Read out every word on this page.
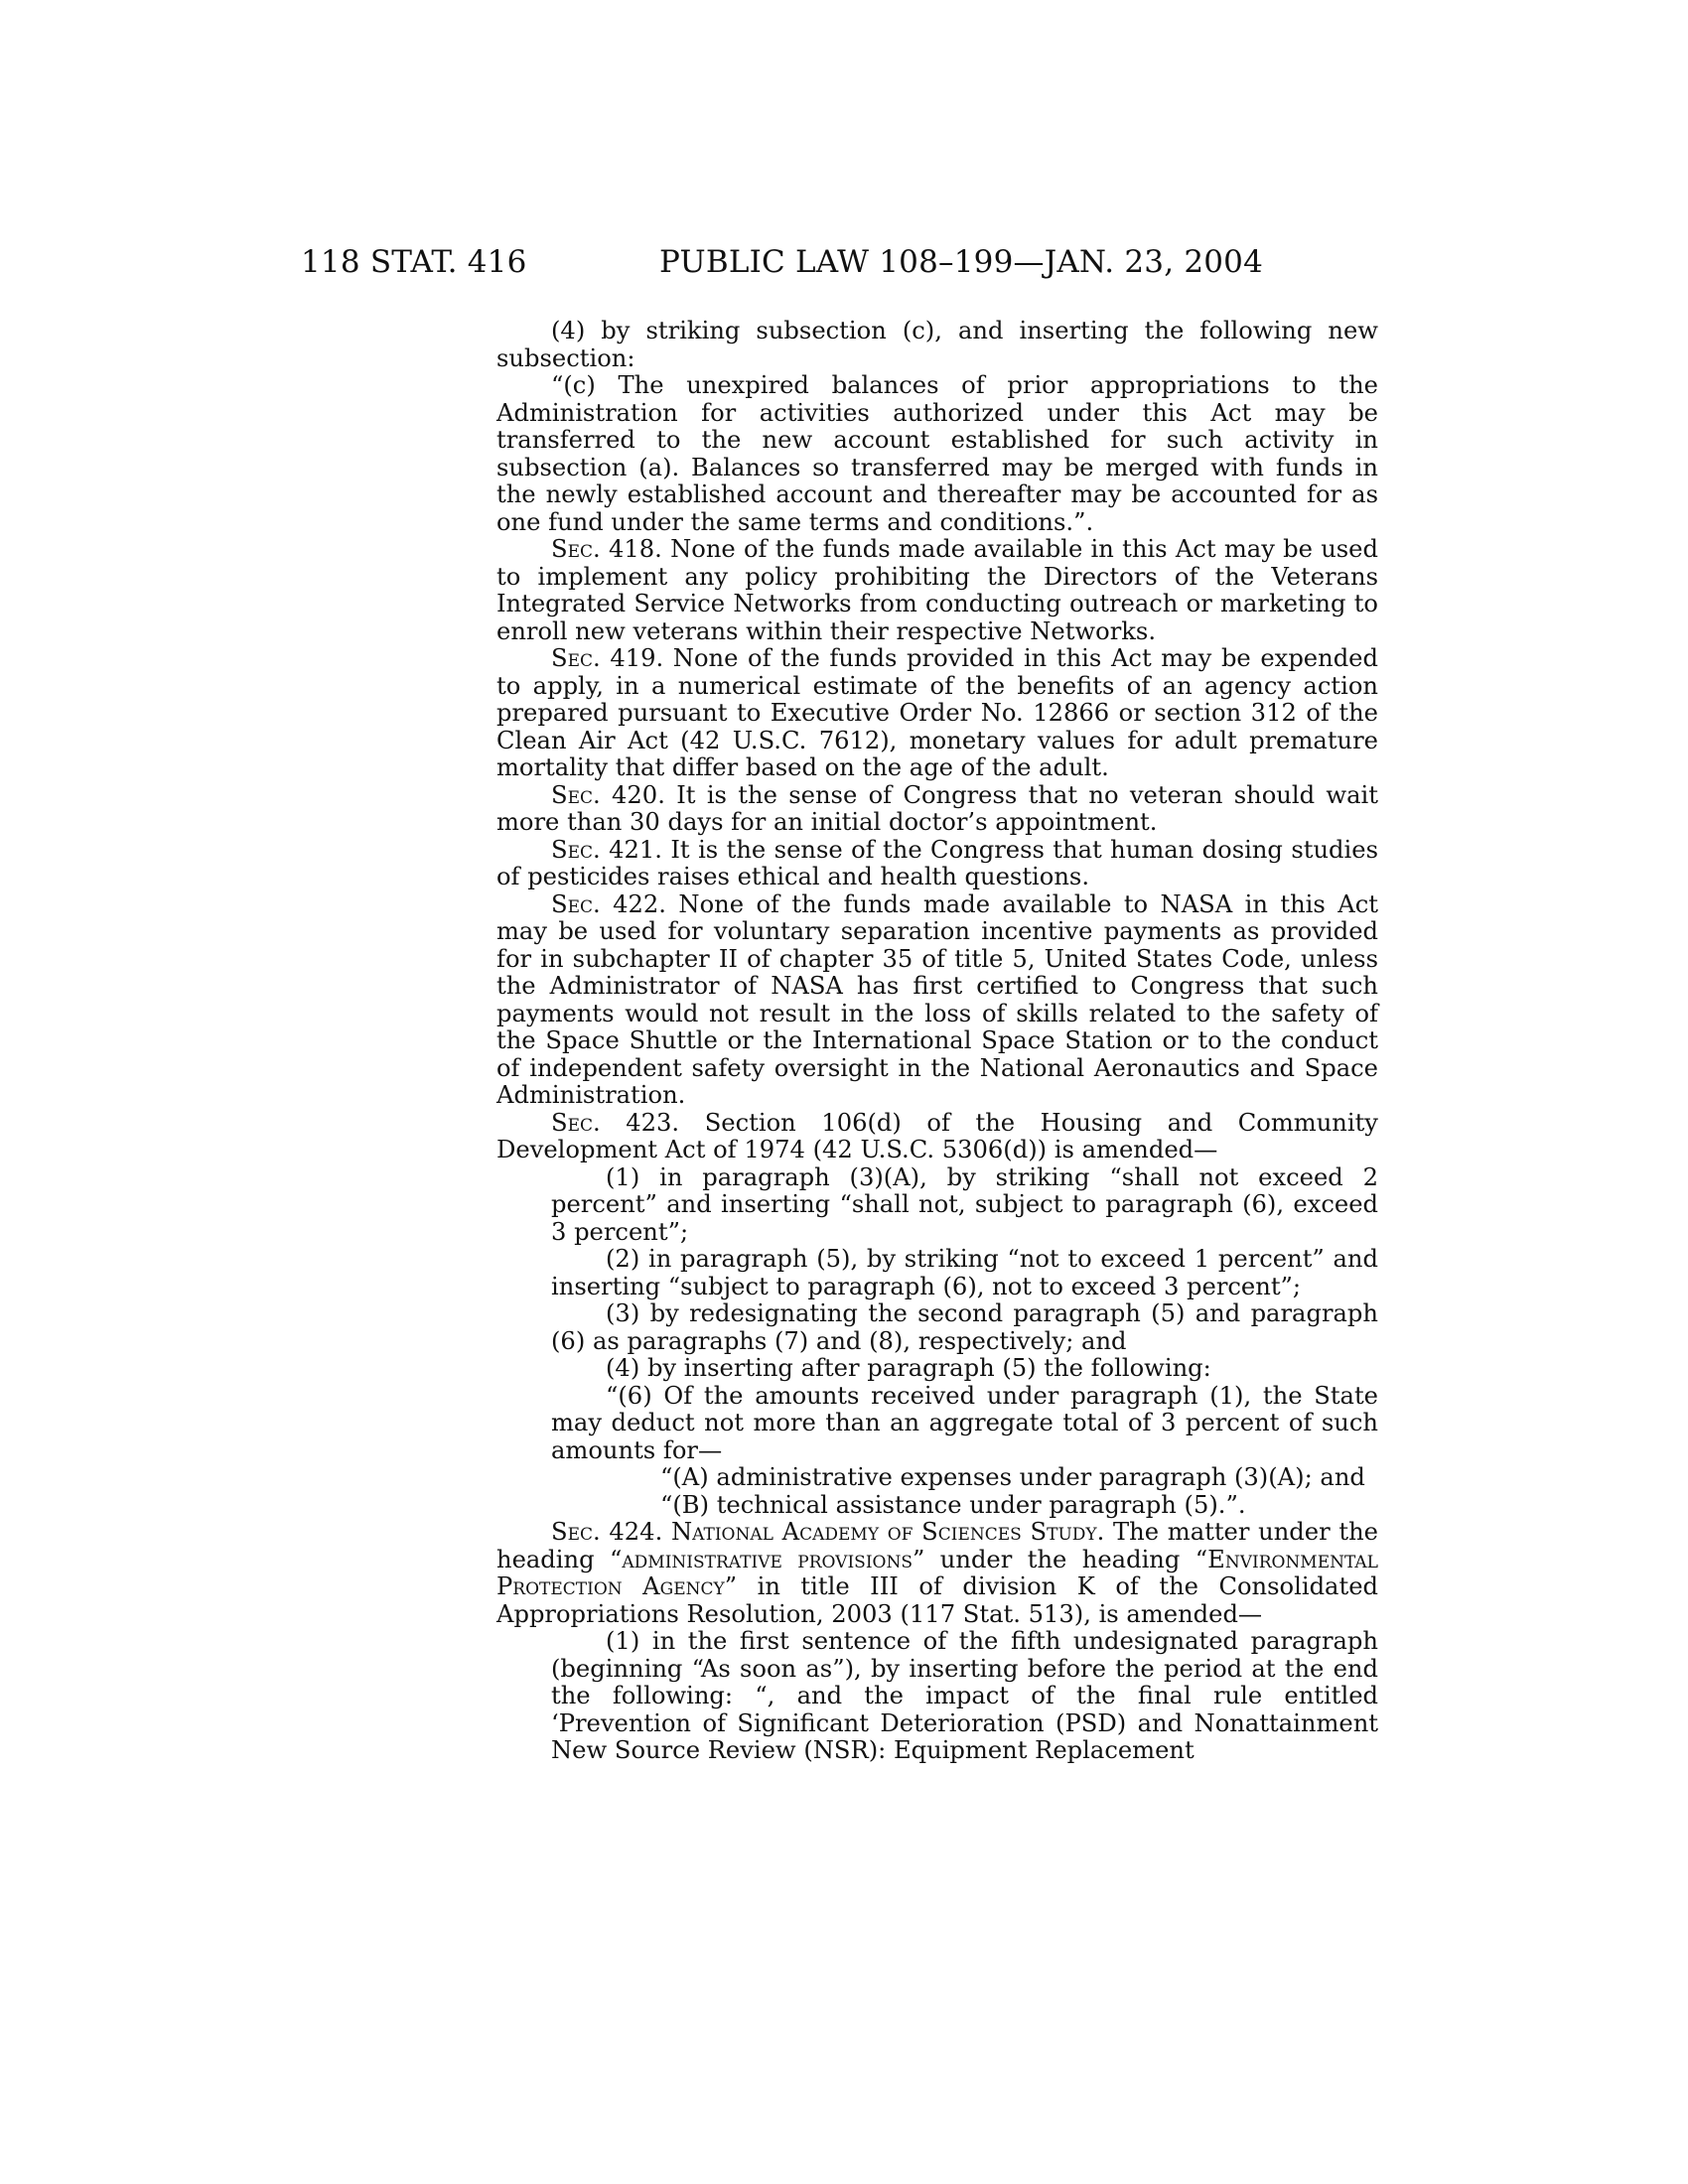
118 STAT. 416	PUBLIC LAW 108–199—JAN. 23, 2004

(4) by striking subsection (c), and inserting the following new subsection:

“(c) The unexpired balances of prior appropriations to the Administration for activities authorized under this Act may be transferred to the new account established for such activity in subsection (a). Balances so transferred may be merged with funds in the newly established account and thereafter may be accounted for as one fund under the same terms and conditions.”.

Sec. 418. None of the funds made available in this Act may be used to implement any policy prohibiting the Directors of the Veterans Integrated Service Networks from conducting outreach or marketing to enroll new veterans within their respective Networks.

Sec. 419. None of the funds provided in this Act may be expended to apply, in a numerical estimate of the benefits of an agency action prepared pursuant to Executive Order No. 12866 or section 312 of the Clean Air Act (42 U.S.C. 7612), monetary values for adult premature mortality that differ based on the age of the adult.

Sec. 420. It is the sense of Congress that no veteran should wait more than 30 days for an initial doctor’s appointment.

Sec. 421. It is the sense of the Congress that human dosing studies of pesticides raises ethical and health questions.

Sec. 422. None of the funds made available to NASA in this Act may be used for voluntary separation incentive payments as provided for in subchapter II of chapter 35 of title 5, United States Code, unless the Administrator of NASA has first certified to Congress that such payments would not result in the loss of skills related to the safety of the Space Shuttle or the International Space Station or to the conduct of independent safety oversight in the National Aeronautics and Space Administration.

Sec. 423. Section 106(d) of the Housing and Community Development Act of 1974 (42 U.S.C. 5306(d)) is amended—

(1) in paragraph (3)(A), by striking “shall not exceed 2 percent” and inserting “shall not, subject to paragraph (6), exceed 3 percent”;

(2) in paragraph (5), by striking “not to exceed 1 percent” and inserting “subject to paragraph (6), not to exceed 3 percent”;

(3) by redesignating the second paragraph (5) and paragraph (6) as paragraphs (7) and (8), respectively; and

(4) by inserting after paragraph (5) the following:

“(6) Of the amounts received under paragraph (1), the State may deduct not more than an aggregate total of 3 percent of such amounts for—

“(A) administrative expenses under paragraph (3)(A); and

“(B) technical assistance under paragraph (5).”.

Sec. 424. National Academy of Sciences Study. The matter under the heading “administrative provisions” under the heading “Environmental Protection Agency” in title III of division K of the Consolidated Appropriations Resolution, 2003 (117 Stat. 513), is amended—

(1) in the first sentence of the fifth undesignated paragraph (beginning “As soon as”), by inserting before the period at the end the following: “, and the impact of the final rule entitled ‘Prevention of Significant Deterioration (PSD) and Nonattainment New Source Review (NSR): Equipment Replacement
